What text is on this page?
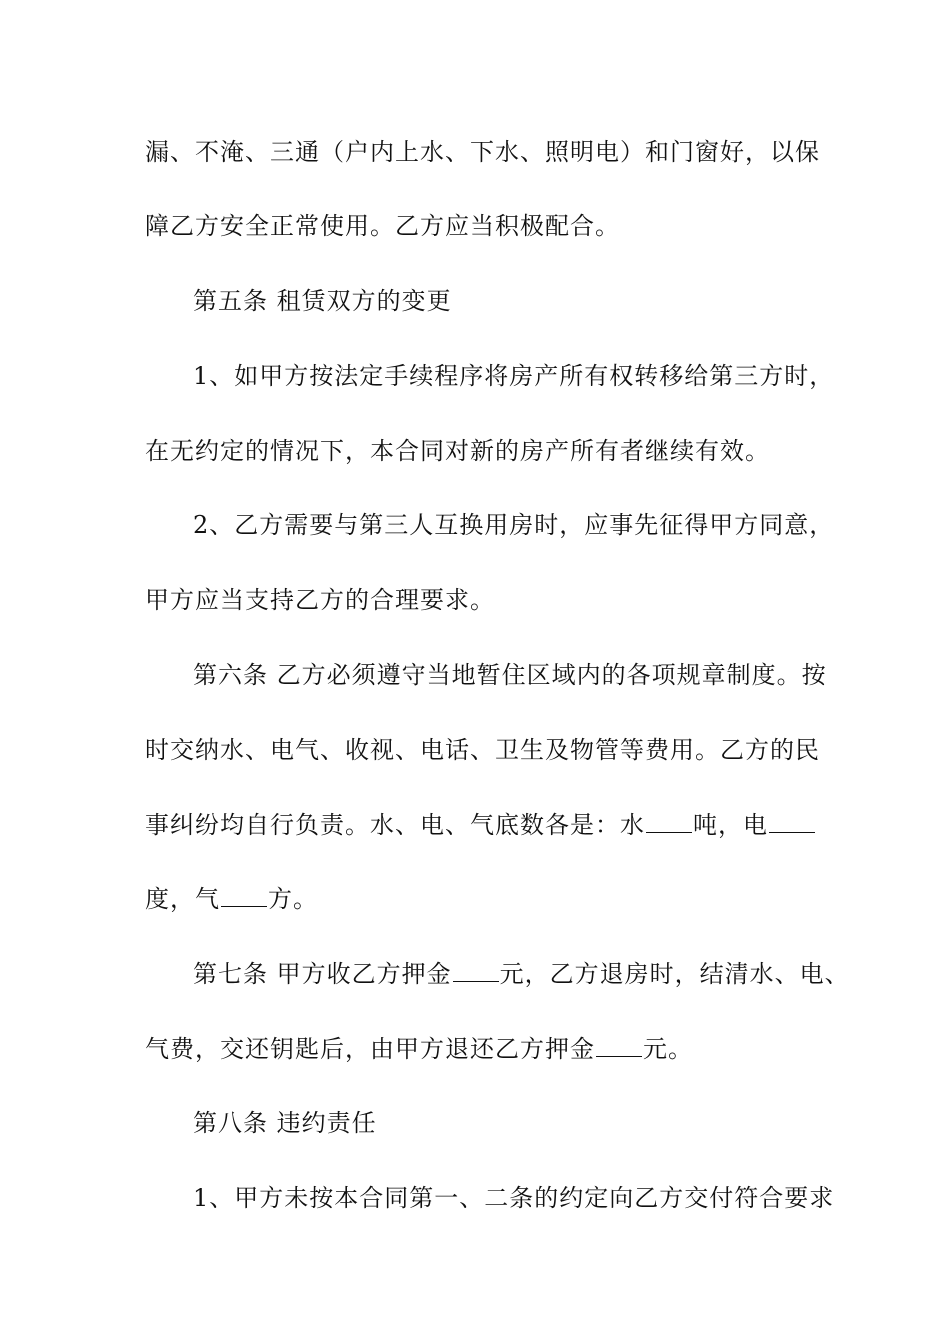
漏、不淹、三通（户内上水、下水、照明电）和门窗好，以保
障乙方安全正常使用。乙方应当积极配合。
第五条 租赁双方的变更
1、如甲方按法定手续程序将房产所有权转移给第三方时，
在无约定的情况下，本合同对新的房产所有者继续有效。
2、乙方需要与第三人互换用房时，应事先征得甲方同意，
甲方应当支持乙方的合理要求。
第六条 乙方必须遵守当地暂住区域内的各项规章制度。按
时交纳水、电气、收视、电话、卫生及物管等费用。乙方的民
事纠纷均自行负责。水、电、气底数各是：水 吨，电
度，气 方。
第七条 甲方收乙方押金 元，乙方退房时，结清水、电、
气费，交还钥匙后，由甲方退还乙方押金 元。
第八条 违约责任
1、甲方未按本合同第一、二条的约定向乙方交付符合要求
